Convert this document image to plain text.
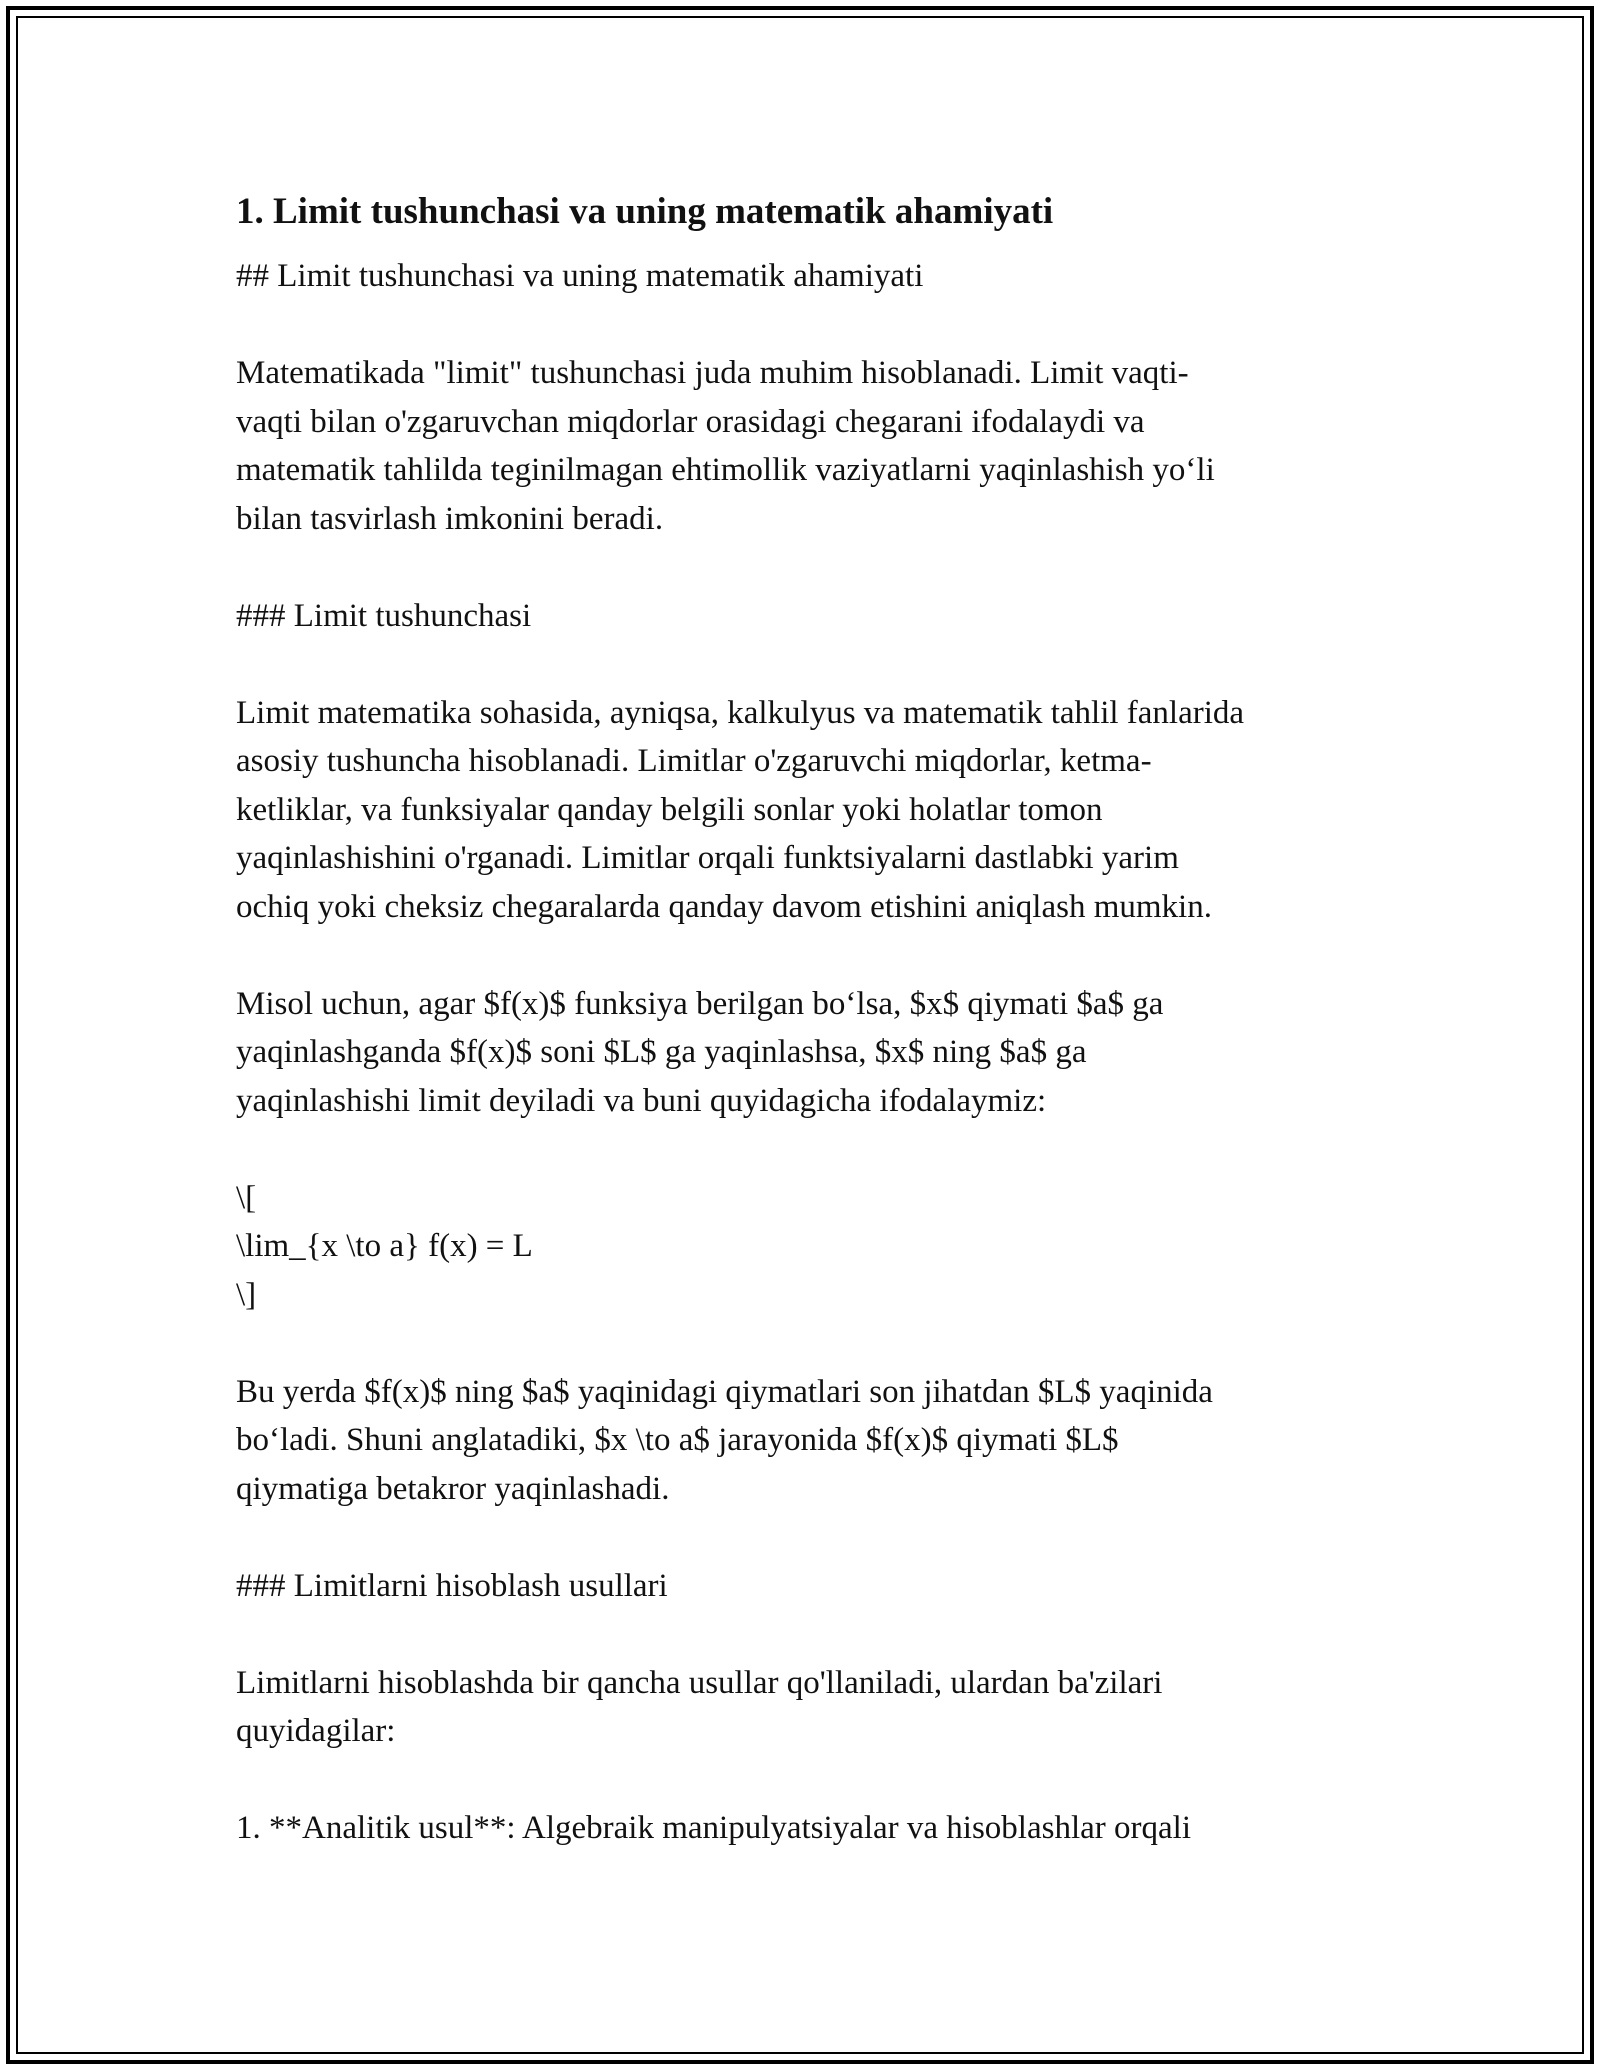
1. Limit tushunchasi va uning matematik ahamiyati
## Limit tushunchasi va uning matematik ahamiyati
Matematikada "limit" tushunchasi juda muhim hisoblanadi. Limit vaqti-
vaqti bilan o'zgaruvchan miqdorlar orasidagi chegarani ifodalaydi va
matematik tahlilda teginilmagan ehtimollik vaziyatlarni yaqinlashish yo‘li
bilan tasvirlash imkonini beradi.
### Limit tushunchasi
Limit matematika sohasida, ayniqsa, kalkulyus va matematik tahlil fanlarida
asosiy tushuncha hisoblanadi. Limitlar o'zgaruvchi miqdorlar, ketma-
ketliklar, va funksiyalar qanday belgili sonlar yoki holatlar tomon
yaqinlashishini o'rganadi. Limitlar orqali funktsiyalarni dastlabki yarim
ochiq yoki cheksiz chegaralarda qanday davom etishini aniqlash mumkin.
Misol uchun, agar $f(x)$ funksiya berilgan bo‘lsa, $x$ qiymati $a$ ga
yaqinlashganda $f(x)$ soni $L$ ga yaqinlashsa, $x$ ning $a$ ga
yaqinlashishi limit deyiladi va buni quyidagicha ifodalaymiz:
\[
\lim_{x \to a} f(x) = L
\]
Bu yerda $f(x)$ ning $a$ yaqinidagi qiymatlari son jihatdan $L$ yaqinida
bo‘ladi. Shuni anglatadiki, $x \to a$ jarayonida $f(x)$ qiymati $L$
qiymatiga betakror yaqinlashadi.
### Limitlarni hisoblash usullari
Limitlarni hisoblashda bir qancha usullar qo'llaniladi, ulardan ba'zilari
quyidagilar:
1. **Analitik usul**: Algebraik manipulyatsiyalar va hisoblashlar orqali
